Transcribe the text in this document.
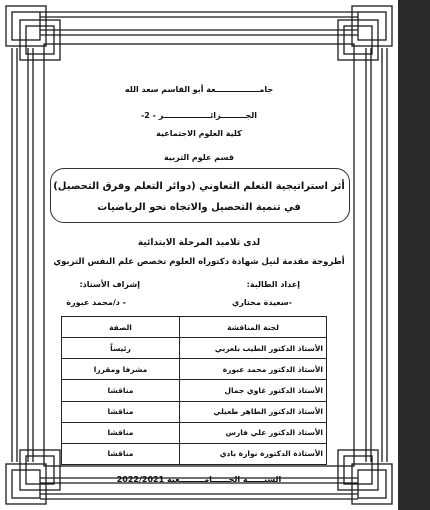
جامــــــــــــــــعة أبو القاسم سعد الله
الجـــــــــزائـــــــــــــــــر - 2-
كلية العلوم الاجتماعية
قسم علوم التربية
أثر استراتيجية التعلم التعاوني (دوائر التعلم وفرق التحصيل)
في تنمية التحصيل والاتجاه نحو الرياضيات
لدى تلاميذ المرحلة الابتدائية
أطروحة مقدمة لنيل شهادة دكتوراه العلوم تخصص علم النفس التربوي
إعداد الطالبة:
إشراف الأستاذ:
-سعيدة مختاري
- د/محمد عبورة
لجنة المناقشة	الصفة
الأستاذ الدكتور الطيب بلعربي	رئيساً
الأستاذ الدكتور محمد عبورة	مشرفا ومقررا
الأستاذ الدكتور غاوي جمال	مناقشا
الأستاذ الدكتور الطاهر طعيلي	مناقشا
الأستاذ الدكتور علي فارس	مناقشا
الأستاذة الدكتورة نوارة بادي	مناقشا
السنــــــة الجــــــامـــــــــعية 2022/2021
